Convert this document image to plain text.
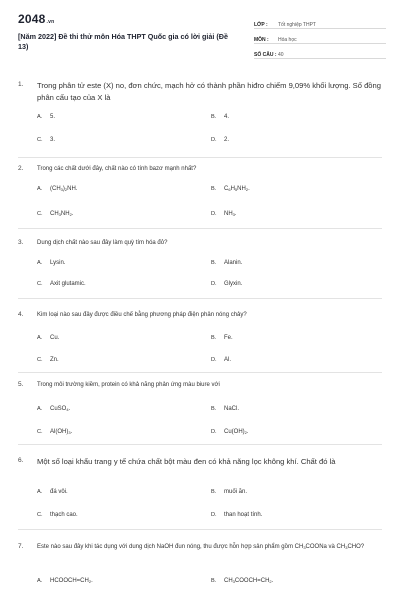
2048.vn
[Năm 2022] Đề thi thử môn Hóa THPT Quốc gia có lời giải (Đề 13)
LỚP :	Tốt nghiệp THPT
MÔN :	Hóa học
SỐ CÂU : 40
1.	Trong phân tử este (X) no, đơn chức, mạch hở có thành phần hiđro chiếm 9,09% khối lượng. Số đồng phân cấu tạo của X là
A.	5.	B.	4.
C.	3.	D.	2.
2.	Trong các chất dưới đây, chất nào có tính bazơ mạnh nhất?
A.	$(CH_3)_2NH$.	B.	$C_6H_5NH_2$.
C.	$CH_3NH_2$.	D.	$NH_3$.
3.	Dung dịch chất nào sau đây làm quỳ tím hóa đỏ?
A.	Lysin.	B.	Alanin.
C.	Axit glutamic.	D.	Glyxin.
4.	Kim loại nào sau đây được điều chế bằng phương pháp điện phân nóng chảy?
A.	Cu.	B.	Fe.
C.	Zn.	D.	Al.
5.	Trong môi trường kiềm, protein có khả năng phản ứng màu biure với
A.	CuSO$_4$.	B.	NaCl.
C.	$Al(OH)_3$.	D.	$Cu(OH)_2$.
6.	Một số loại khẩu trang y tế chứa chất bột màu đen có khả năng lọc không khí. Chất đó là
A.	đá vôi.	B.	muối ăn.
C.	thạch cao.	D.	than hoạt tính.
7.	Este nào sau đây khi tác dụng với dung dịch NaOH đun nóng, thu được hỗn hợp sản phẩm gồm $CH_3COONa$ và $CH_3CHO$?
A.	$HCOOCH=CH_2$.	B.	$CH_3COOCH=CH_2$.
